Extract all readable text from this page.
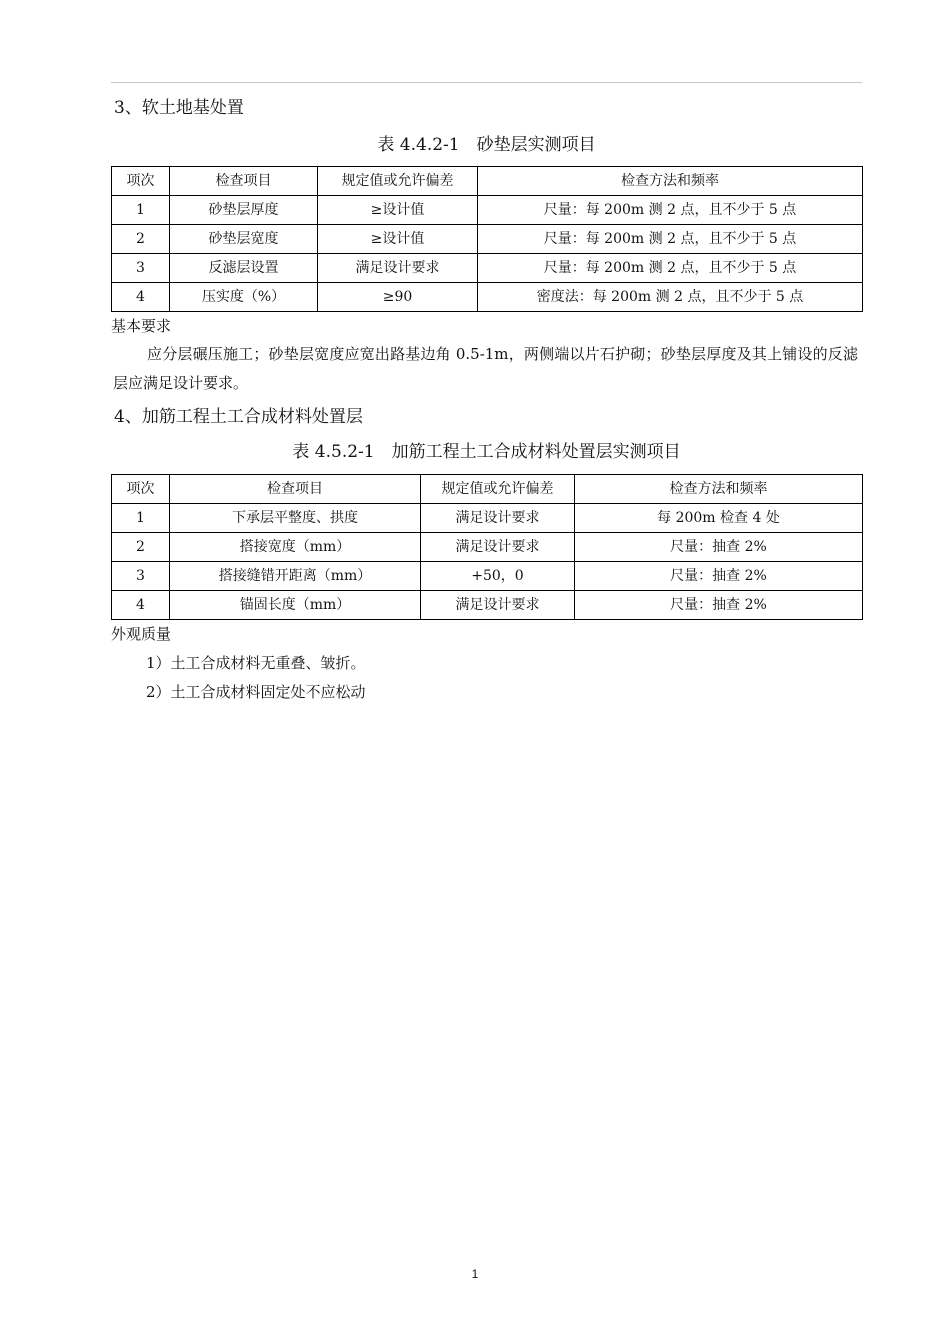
3、软土地基处置
表 4.4.2-1　砂垫层实测项目
项次	检查项目	规定值或允许偏差	检查方法和频率
1	砂垫层厚度	≥设计值	尺量：每 200m 测 2 点，且不少于 5 点
2	砂垫层宽度	≥设计值	尺量：每 200m 测 2 点，且不少于 5 点
3	反滤层设置	满足设计要求	尺量：每 200m 测 2 点，且不少于 5 点
4	压实度（%）	≥90	密度法：每 200m 测 2 点，且不少于 5 点
基本要求
应分层碾压施工；砂垫层宽度应宽出路基边角 0.5-1m，两侧端以片石护砌；砂垫层厚度及其上铺设的反滤层应满足设计要求。
4、加筋工程土工合成材料处置层
表 4.5.2-1　加筋工程土工合成材料处置层实测项目
项次	检查项目	规定值或允许偏差	检查方法和频率
1	下承层平整度、拱度	满足设计要求	每 200m 检查 4 处
2	搭接宽度（mm）	满足设计要求	尺量：抽查 2%
3	搭接缝错开距离（mm）	+50，0	尺量：抽查 2%
4	锚固长度（mm）	满足设计要求	尺量：抽查 2%
外观质量
1）土工合成材料无重叠、皱折。
2）土工合成材料固定处不应松动
1
